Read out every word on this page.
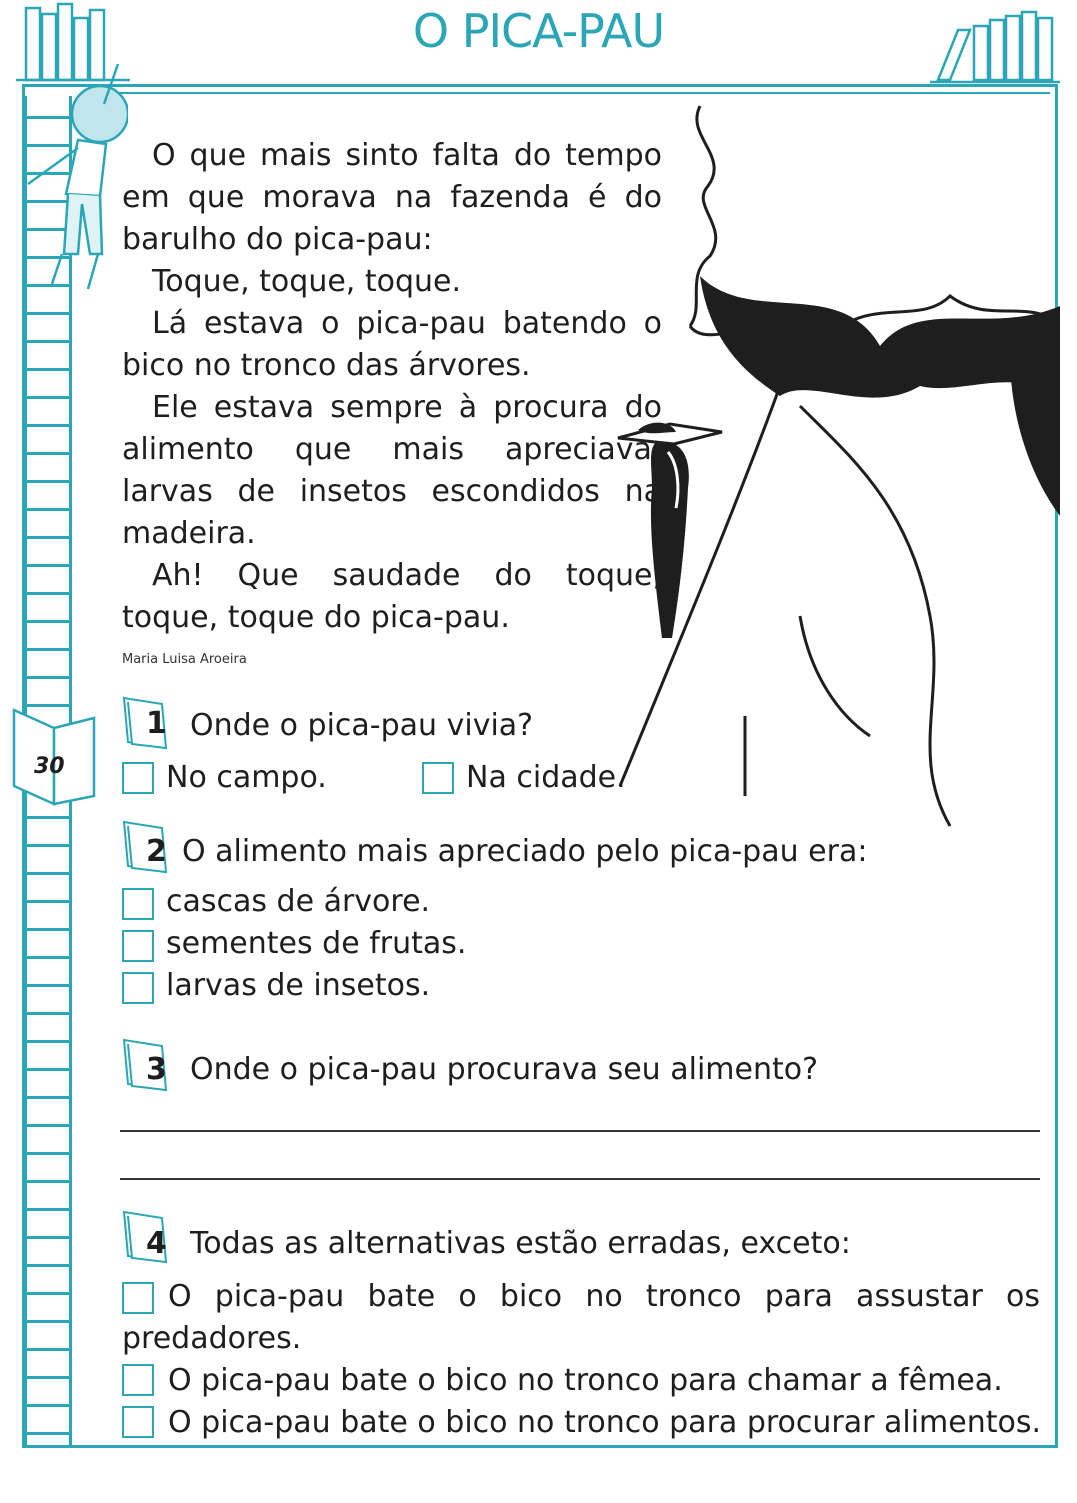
O PICA-PAU
30

O que mais sinto falta do tempo em que morava na fazenda é do barulho do pica-pau:

Toque, toque, toque.

Lá estava o pica-pau batendo o bico no tronco das árvores.

Ele estava sempre à procura do alimento que mais apreciava: larvas de insetos escondidos na madeira.

Ah! Que saudade do toque, toque, toque do pica-pau.

Maria Luisa Aroeira
1 Onde o pica-pau vivia?
No campo.	Na cidade.
2 O alimento mais apreciado pelo pica-pau era:
cascas de árvore.
sementes de frutas.
larvas de insetos.
3 Onde o pica-pau procurava seu alimento?
4 Todas as alternativas estão erradas, exceto:
O pica-pau bate o bico no tronco para assustar os predadores.
O pica-pau bate o bico no tronco para chamar a fêmea.
O pica-pau bate o bico no tronco para procurar alimentos.
